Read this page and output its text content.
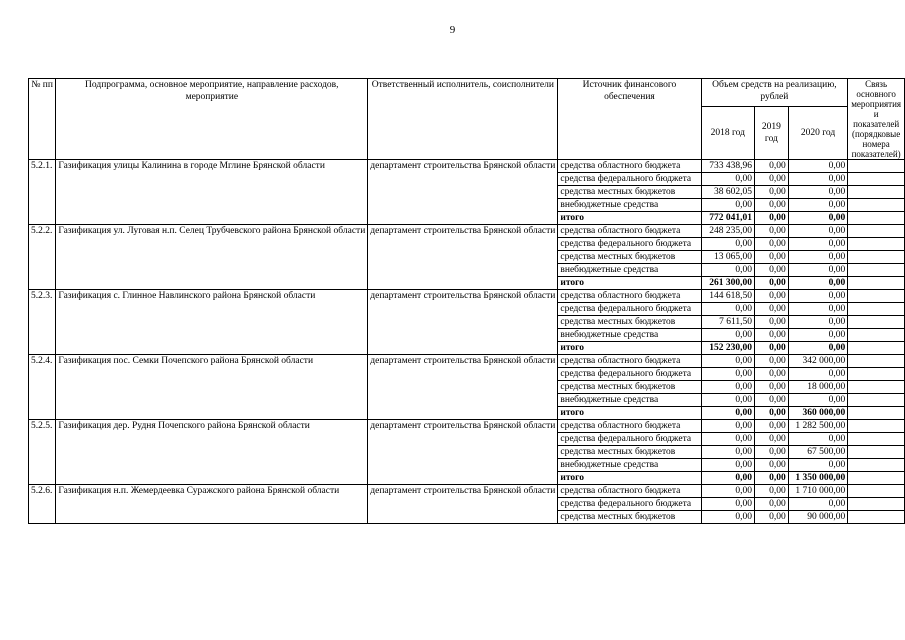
9
№ пп	Подпрограмма, основное мероприятие, направление расходов, мероприятие	Ответственный исполнитель, соисполнители	Источник финансового обеспечения	Объем средств на реализацию, рублей			Связь основного мероприятия и показателей (порядковые номера показателей)
				2018 год	2019 год	2020 год	
5.2.1.	Газификация улицы Калинина в городе Мглине Брянской области	департамент строительства Брянской области	средства областного бюджета	733 438,96	0,00	0,00	
			средства федерального бюджета	0,00	0,00	0,00	
			средства местных бюджетов	38 602,05	0,00	0,00	
			внебюджетные средства	0,00	0,00	0,00	
			итого	772 041,01	0,00	0,00	
5.2.2.	Газификация ул. Луговая н.п. Селец Трубчевского района Брянской области	департамент строительства Брянской области	средства областного бюджета	248 235,00	0,00	0,00	
			средства федерального бюджета	0,00	0,00	0,00	
			средства местных бюджетов	13 065,00	0,00	0,00	
			внебюджетные средства	0,00	0,00	0,00	
			итого	261 300,00	0,00	0,00	
5.2.3.	Газификация с. Глинное Навлинского района Брянской области	департамент строительства Брянской области	средства областного бюджета	144 618,50	0,00	0,00	
			средства федерального бюджета	0,00	0,00	0,00	
			средства местных бюджетов	7 611,50	0,00	0,00	
			внебюджетные средства	0,00	0,00	0,00	
			итого	152 230,00	0,00	0,00	
5.2.4.	Газификация пос. Семки Почепского района Брянской области	департамент строительства Брянской области	средства областного бюджета	0,00	0,00	342 000,00	
			средства федерального бюджета	0,00	0,00	0,00	
			средства местных бюджетов	0,00	0,00	18 000,00	
			внебюджетные средства	0,00	0,00	0,00	
			итого	0,00	0,00	360 000,00	
5.2.5.	Газификация дер. Рудня Почепского района Брянской области	департамент строительства Брянской области	средства областного бюджета	0,00	0,00	1 282 500,00	
			средства федерального бюджета	0,00	0,00	0,00	
			средства местных бюджетов	0,00	0,00	67 500,00	
			внебюджетные средства	0,00	0,00	0,00	
			итого	0,00	0,00	1 350 000,00	
5.2.6.	Газификация н.п. Жемердеевка Суражского района Брянской области	департамент строительства Брянской области	средства областного бюджета	0,00	0,00	1 710 000,00	
			средства федерального бюджета	0,00	0,00	0,00	
			средства местных бюджетов	0,00	0,00	90 000,00	
